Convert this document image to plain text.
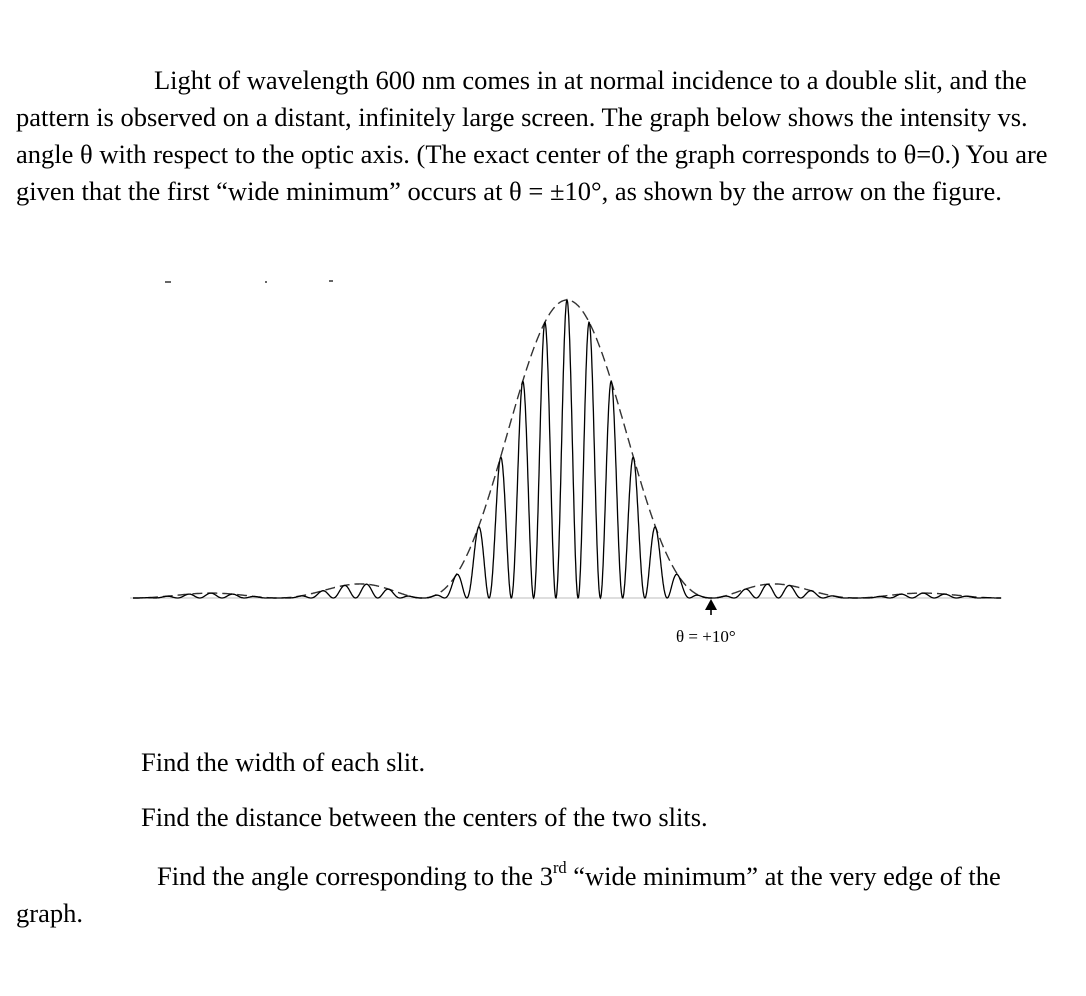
Light of wavelength 600 nm comes in at normal incidence to a double slit, and the pattern is observed on a distant, infinitely large screen. The graph below shows the intensity vs. angle θ with respect to the optic axis. (The exact center of the graph corresponds to θ=0.) You are given that the first “wide minimum” occurs at θ = ±10°, as shown by the arrow on the figure.

θ = +10°
Find the width of each slit.
Find the distance between the centers of the two slits.
Find the angle corresponding to the 3rd “wide minimum” at the very edge of the graph.
